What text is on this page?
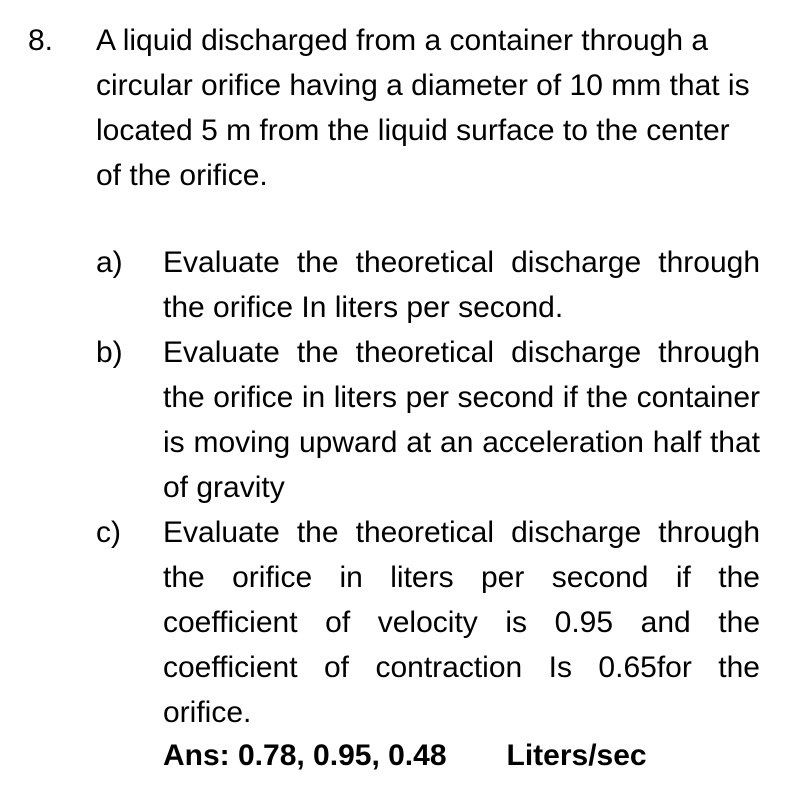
8. A liquid discharged from a container through a circular orifice having a diameter of 10 mm that is located 5 m from the liquid surface to the center of the orifice.
a)	Evaluate the theoretical discharge through the orifice In liters per second.
b)	Evaluate the theoretical discharge through the orifice in liters per second if the container is moving upward at an acceleration half that of gravity
c)	Evaluate the theoretical discharge through the orifice in liters per second if the coefficient of velocity is 0.95 and the coefficient of contraction Is 0.65for the orifice.
Ans: 0.78, 0.95, 0.48 Liters/sec
